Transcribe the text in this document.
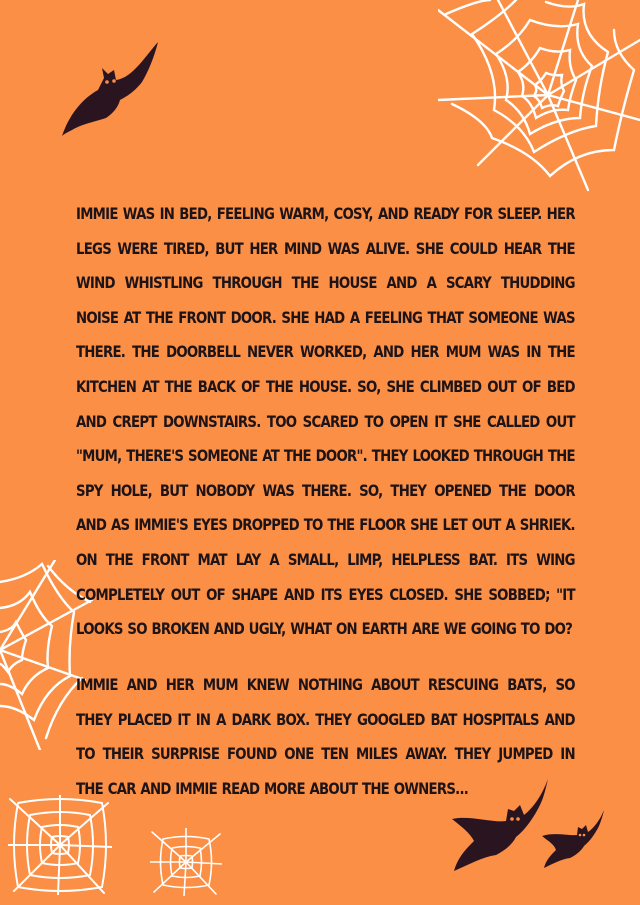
IMMIE WAS IN BED, FEELING WARM, COSY, AND READY FOR SLEEP. HER LEGS WERE TIRED, BUT HER MIND WAS ALIVE. SHE COULD HEAR THE WIND WHISTLING THROUGH THE HOUSE AND A SCARY THUDDING NOISE AT THE FRONT DOOR. SHE HAD A FEELING THAT SOMEONE WAS THERE. THE DOORBELL NEVER WORKED, AND HER MUM WAS IN THE KITCHEN AT THE BACK OF THE HOUSE. SO, SHE CLIMBED OUT OF BED AND CREPT DOWNSTAIRS. TOO SCARED TO OPEN IT SHE CALLED OUT "MUM, THERE'S SOMEONE AT THE DOOR". THEY LOOKED THROUGH THE SPY HOLE, BUT NOBODY WAS THERE. SO, THEY OPENED THE DOOR AND AS IMMIE'S EYES DROPPED TO THE FLOOR SHE LET OUT A SHRIEK. ON THE FRONT MAT LAY A SMALL, LIMP, HELPLESS BAT. ITS WING COMPLETELY OUT OF SHAPE AND ITS EYES CLOSED. SHE SOBBED; "IT LOOKS SO BROKEN AND UGLY, WHAT ON EARTH ARE WE GOING TO DO?
IMMIE AND HER MUM KNEW NOTHING ABOUT RESCUING BATS, SO THEY PLACED IT IN A DARK BOX. THEY GOOGLED BAT HOSPITALS AND TO THEIR SURPRISE FOUND ONE TEN MILES AWAY. THEY JUMPED IN THE CAR AND IMMIE READ MORE ABOUT THE OWNERS...
